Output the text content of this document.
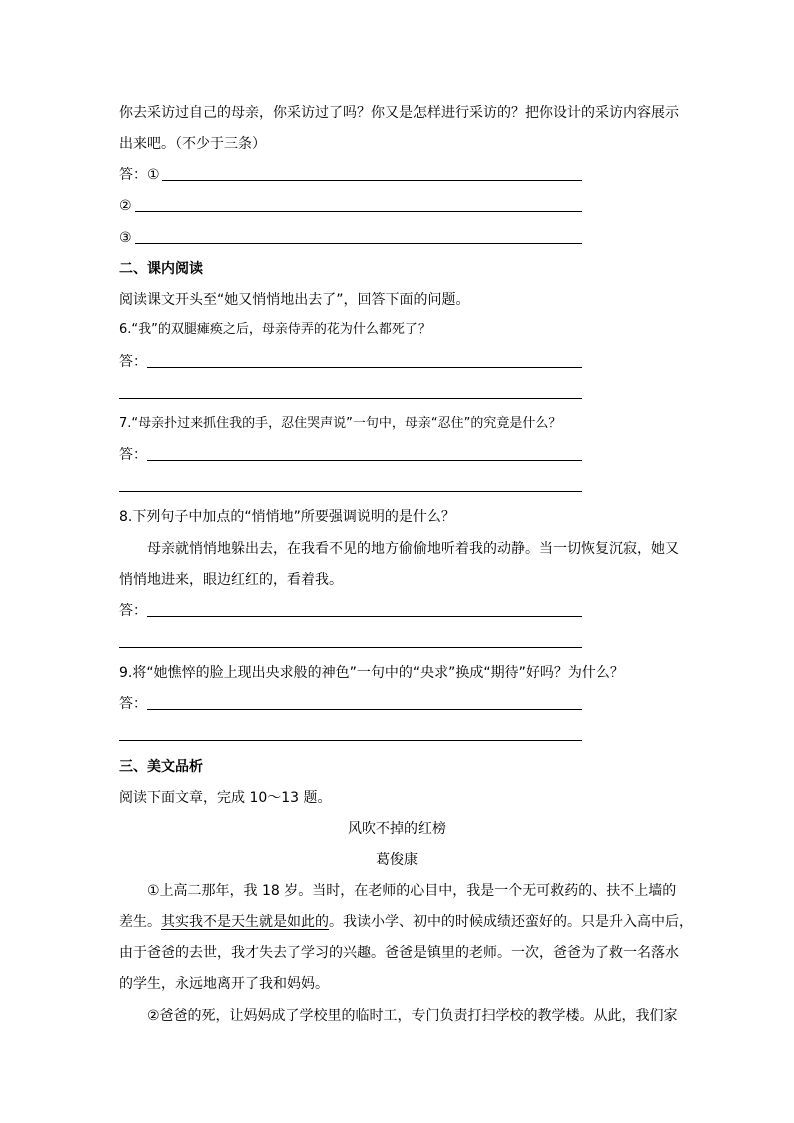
你去采访过自己的母亲，你采访过了吗？你又是怎样进行采访的？把你设计的采访内容展示
出来吧。（不少于三条）
答：①
②
③
二、课内阅读
阅读课文开头至“她又悄悄地出去了”，回答下面的问题。
6.“我”的双腿瘫痪之后，母亲侍弄的花为什么都死了？
答：
7.“母亲扑过来抓住我的手，忍住哭声说”一句中，母亲“忍住”的究竟是什么？
答：
8.下列句子中加点的“悄悄地”所要强调说明的是什么？
母亲就悄悄地躲出去，在我看不见的地方偷偷地听着我的动静。当一切恢复沉寂，她又
悄悄地进来，眼边红红的，看着我。
答：
9.将“她憔悴的脸上现出央求般的神色”一句中的“央求”换成“期待”好吗？为什么？
答：
三、美文品析
阅读下面文章，完成 10～13 题。
风吹不掉的红榜
葛俊康
①上高二那年，我 18 岁。当时，在老师的心目中，我是一个无可救药的、扶不上墙的
差生。其实我不是天生就是如此的。我读小学、初中的时候成绩还蛮好的。只是升入高中后，
由于爸爸的去世，我才失去了学习的兴趣。爸爸是镇里的老师。一次，爸爸为了救一名落水
的学生，永远地离开了我和妈妈。
②爸爸的死，让妈妈成了学校里的临时工，专门负责打扫学校的教学楼。从此，我们家
